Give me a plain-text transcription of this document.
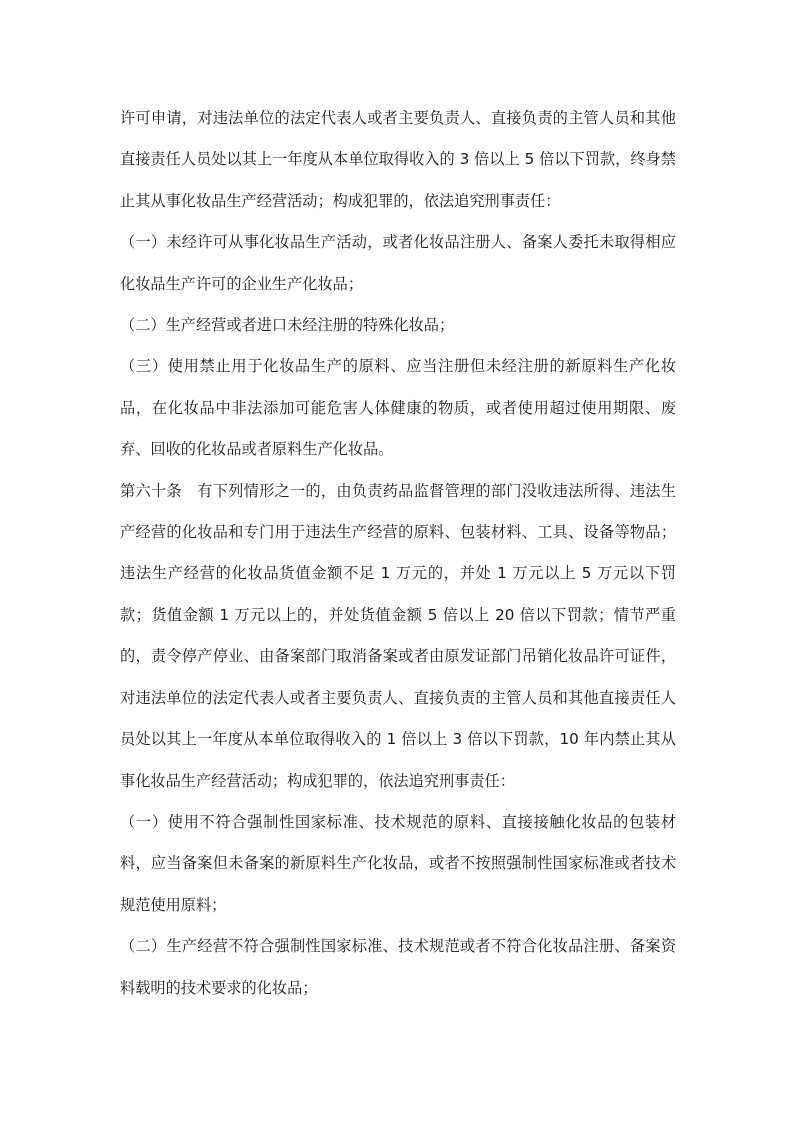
许可申请，对违法单位的法定代表人或者主要负责人、直接负责的主管人员和其他直接责任人员处以其上一年度从本单位取得收入的 3 倍以上 5 倍以下罚款，终身禁止其从事化妆品生产经营活动；构成犯罪的，依法追究刑事责任：

（一）未经许可从事化妆品生产活动，或者化妆品注册人、备案人委托未取得相应化妆品生产许可的企业生产化妆品；

（二）生产经营或者进口未经注册的特殊化妆品；

（三）使用禁止用于化妆品生产的原料、应当注册但未经注册的新原料生产化妆品，在化妆品中非法添加可能危害人体健康的物质，或者使用超过使用期限、废弃、回收的化妆品或者原料生产化妆品。

第六十条　有下列情形之一的，由负责药品监督管理的部门没收违法所得、违法生产经营的化妆品和专门用于违法生产经营的原料、包装材料、工具、设备等物品；违法生产经营的化妆品货值金额不足 1 万元的，并处 1 万元以上 5 万元以下罚款；货值金额 1 万元以上的，并处货值金额 5 倍以上 20 倍以下罚款；情节严重的，责令停产停业、由备案部门取消备案或者由原发证部门吊销化妆品许可证件，对违法单位的法定代表人或者主要负责人、直接负责的主管人员和其他直接责任人员处以其上一年度从本单位取得收入的 1 倍以上 3 倍以下罚款，10 年内禁止其从事化妆品生产经营活动；构成犯罪的，依法追究刑事责任：

（一）使用不符合强制性国家标准、技术规范的原料、直接接触化妆品的包装材料，应当备案但未备案的新原料生产化妆品，或者不按照强制性国家标准或者技术规范使用原料；

（二）生产经营不符合强制性国家标准、技术规范或者不符合化妆品注册、备案资料载明的技术要求的化妆品；
